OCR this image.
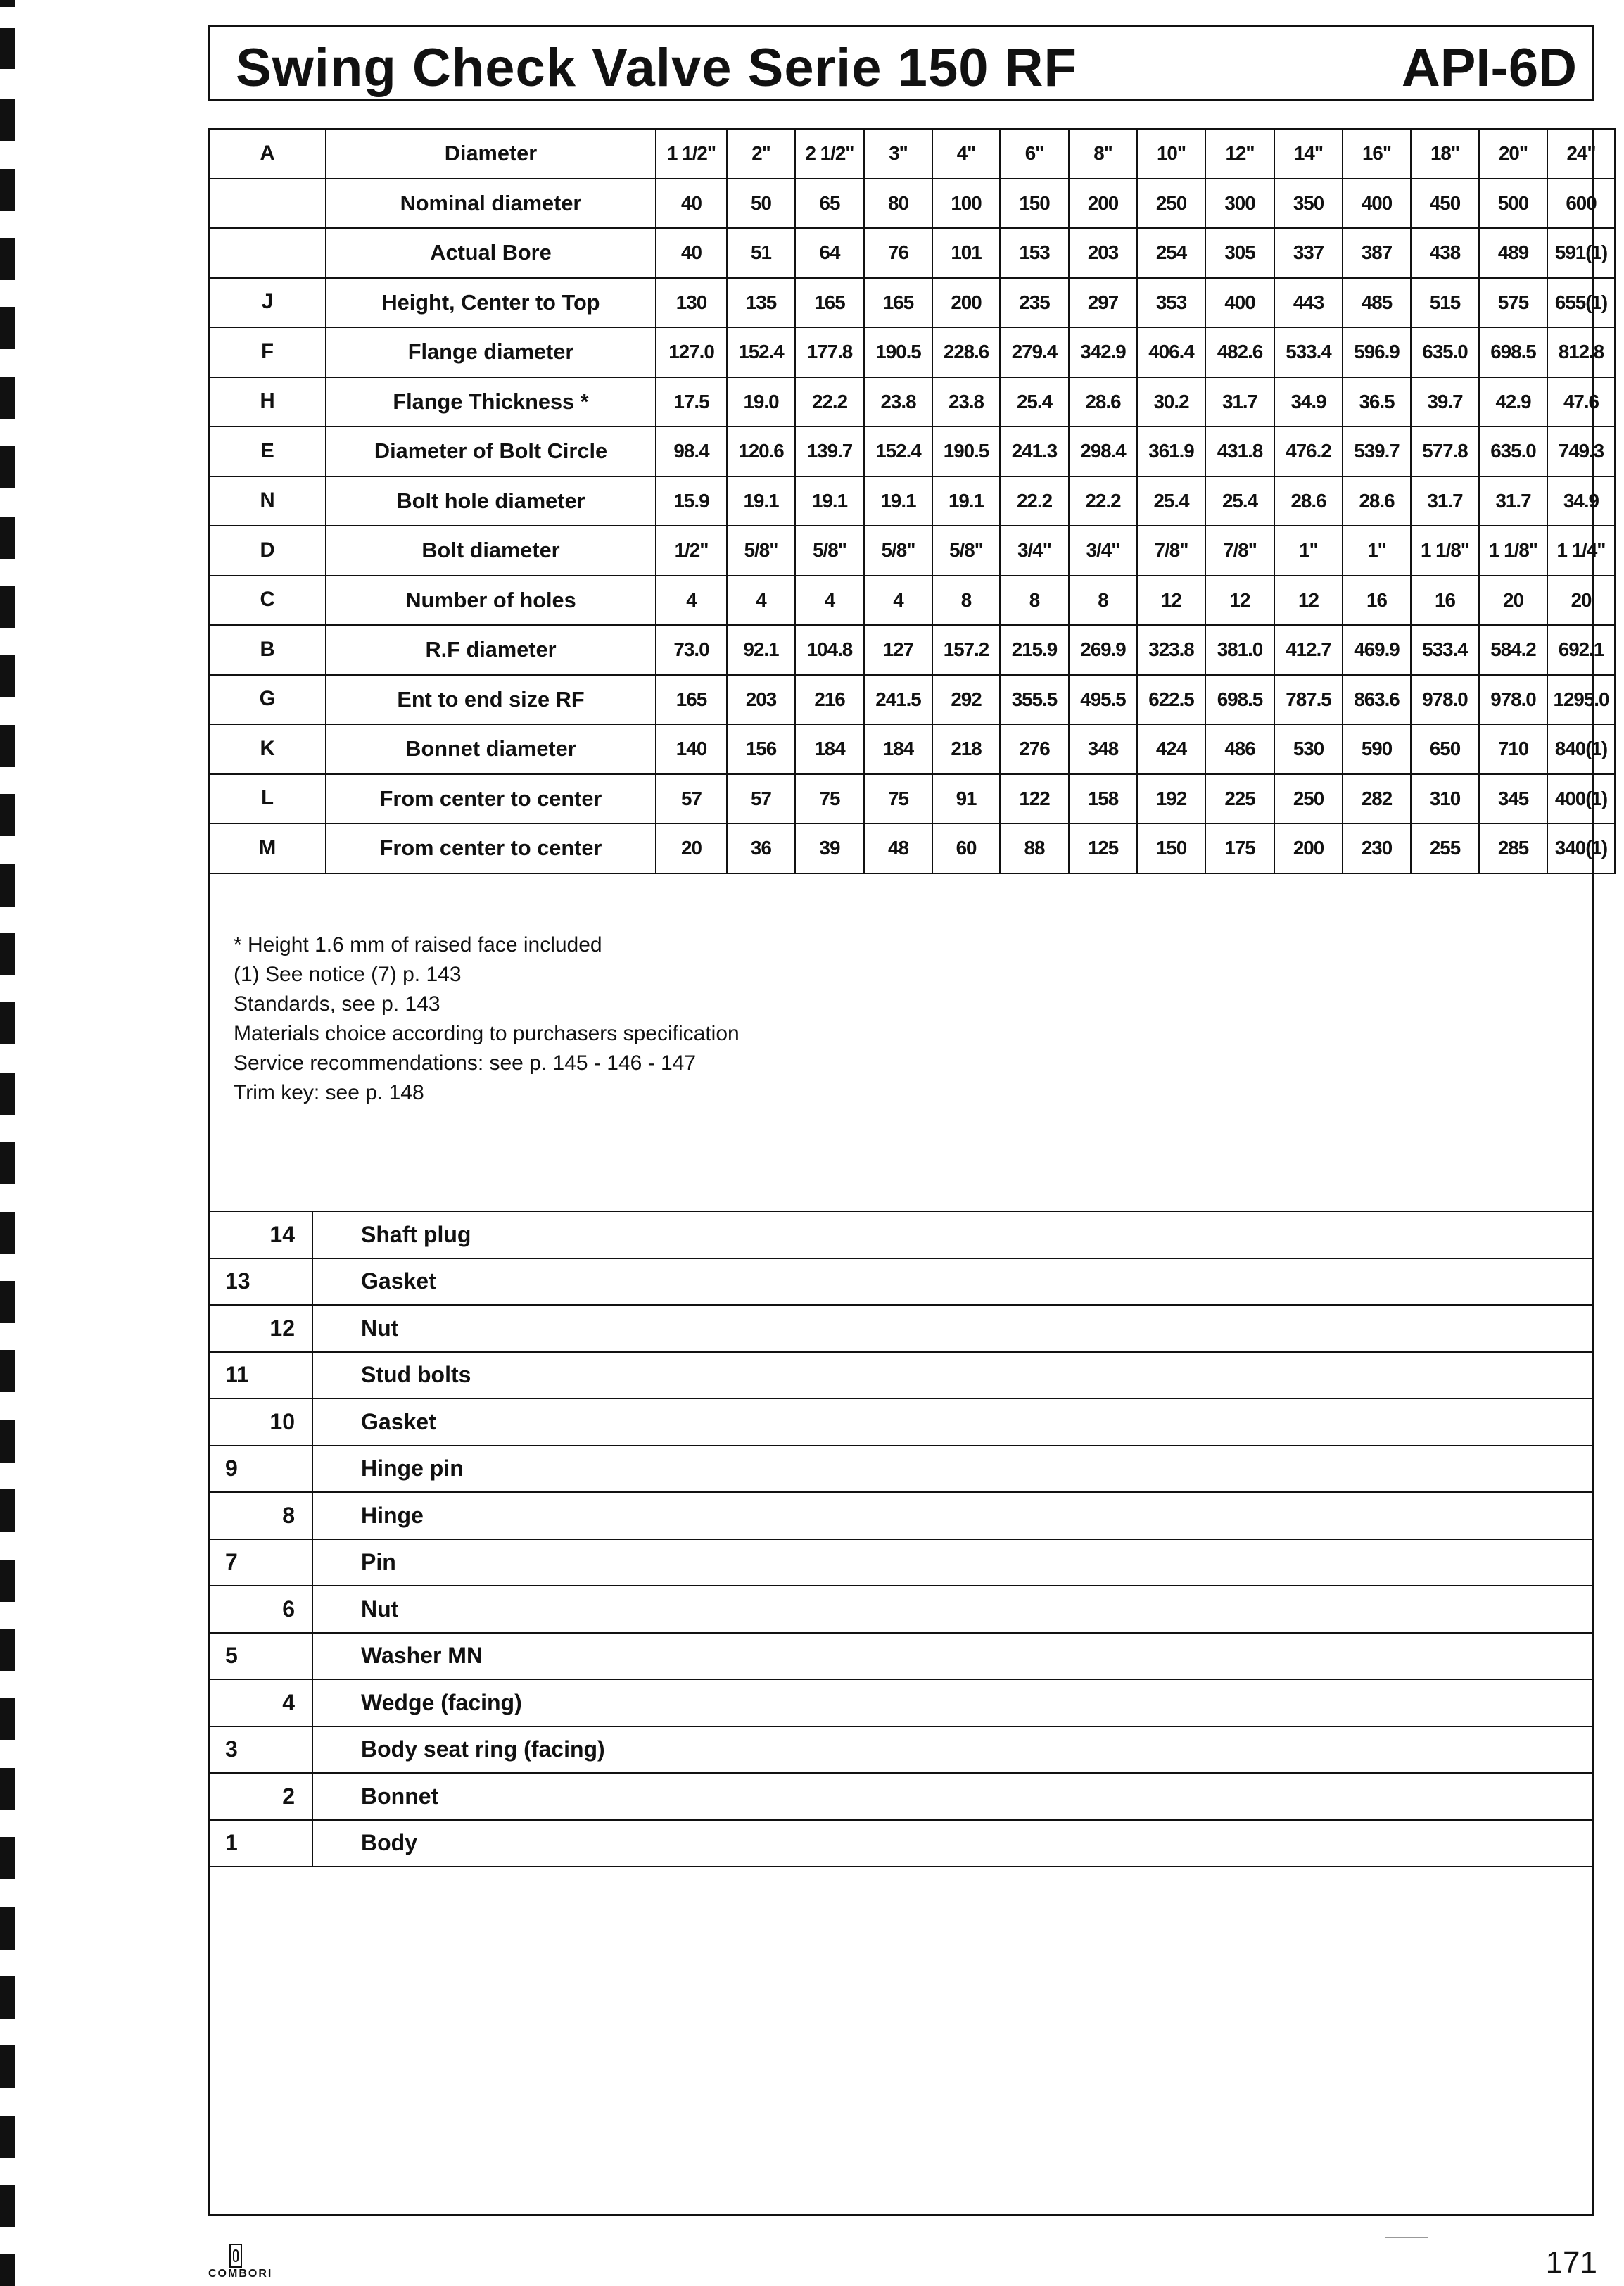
Swing Check Valve Serie 150 RF	API-6D
A	Diameter	1 1/2"	2"	2 1/2"	3"	4"	6"	8"	10"	12"	14"	16"	18"	20"	24"
	Nominal diameter	40	50	65	80	100	150	200	250	300	350	400	450	500	600
	Actual Bore	40	51	64	76	101	153	203	254	305	337	387	438	489	591(1)
J	Height, Center to Top	130	135	165	165	200	235	297	353	400	443	485	515	575	655(1)
F	Flange diameter	127.0	152.4	177.8	190.5	228.6	279.4	342.9	406.4	482.6	533.4	596.9	635.0	698.5	812.8
H	Flange Thickness *	17.5	19.0	22.2	23.8	23.8	25.4	28.6	30.2	31.7	34.9	36.5	39.7	42.9	47.6
E	Diameter of Bolt Circle	98.4	120.6	139.7	152.4	190.5	241.3	298.4	361.9	431.8	476.2	539.7	577.8	635.0	749.3
N	Bolt hole diameter	15.9	19.1	19.1	19.1	19.1	22.2	22.2	25.4	25.4	28.6	28.6	31.7	31.7	34.9
D	Bolt diameter	1/2"	5/8"	5/8"	5/8"	5/8"	3/4"	3/4"	7/8"	7/8"	1"	1"	1 1/8"	1 1/8"	1 1/4"
C	Number of holes	4	4	4	4	8	8	8	12	12	12	16	16	20	20
B	R.F diameter	73.0	92.1	104.8	127	157.2	215.9	269.9	323.8	381.0	412.7	469.9	533.4	584.2	692.1
G	Ent to end size RF	165	203	216	241.5	292	355.5	495.5	622.5	698.5	787.5	863.6	978.0	978.0	1295.0
K	Bonnet diameter	140	156	184	184	218	276	348	424	486	530	590	650	710	840(1)
L	From center to center	57	57	75	75	91	122	158	192	225	250	282	310	345	400(1)
M	From center to center	20	36	39	48	60	88	125	150	175	200	230	255	285	340(1)
* Height 1.6 mm of raised face included
(1) See notice (7) p. 143
Standards, see p. 143
Materials choice according to purchasers specification
Service recommendations: see p. 145 - 146 - 147
Trim key: see p. 148
14	Shaft plug
13	Gasket
12	Nut
11	Stud bolts
10	Gasket
9	Hinge pin
8	Hinge
7	Pin
6	Nut
5	Washer MN
4	Wedge (facing)
3	Body seat ring (facing)
2	Bonnet
1	Body
COMBORI	171
